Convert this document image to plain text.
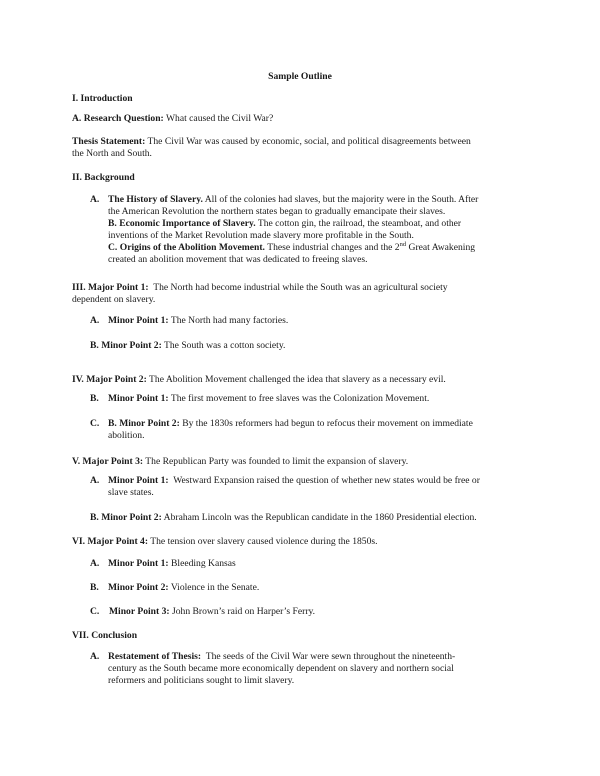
Sample Outline
I. Introduction
A. Research Question: What caused the Civil War?
Thesis Statement: The Civil War was caused by economic, social, and political disagreements between
the North and South.
II. Background
A. The History of Slavery. All of the colonies had slaves, but the majority were in the South. After
the American Revolution the northern states began to gradually emancipate their slaves.
B. Economic Importance of Slavery. The cotton gin, the railroad, the steamboat, and other
inventions of the Market Revolution made slavery more profitable in the South.
C. Origins of the Abolition Movement. These industrial changes and the 2nd Great Awakening
created an abolition movement that was dedicated to freeing slaves.
III. Major Point 1: The North had become industrial while the South was an agricultural society
dependent on slavery.
A. Minor Point 1: The North had many factories.
B. Minor Point 2: The South was a cotton society.
IV. Major Point 2: The Abolition Movement challenged the idea that slavery as a necessary evil.
B. Minor Point 1: The first movement to free slaves was the Colonization Movement.
C. B. Minor Point 2: By the 1830s reformers had begun to refocus their movement on immediate
abolition.
V. Major Point 3: The Republican Party was founded to limit the expansion of slavery.
A. Minor Point 1: Westward Expansion raised the question of whether new states would be free or
slave states.
B. Minor Point 2: Abraham Lincoln was the Republican candidate in the 1860 Presidential election.
VI. Major Point 4: The tension over slavery caused violence during the 1850s.
A. Minor Point 1: Bleeding Kansas
B. Minor Point 2: Violence in the Senate.
C. Minor Point 3: John Brown’s raid on Harper’s Ferry.
VII. Conclusion
A. Restatement of Thesis: The seeds of the Civil War were sewn throughout the nineteenth-
century as the South became more economically dependent on slavery and northern social
reformers and politicians sought to limit slavery.
